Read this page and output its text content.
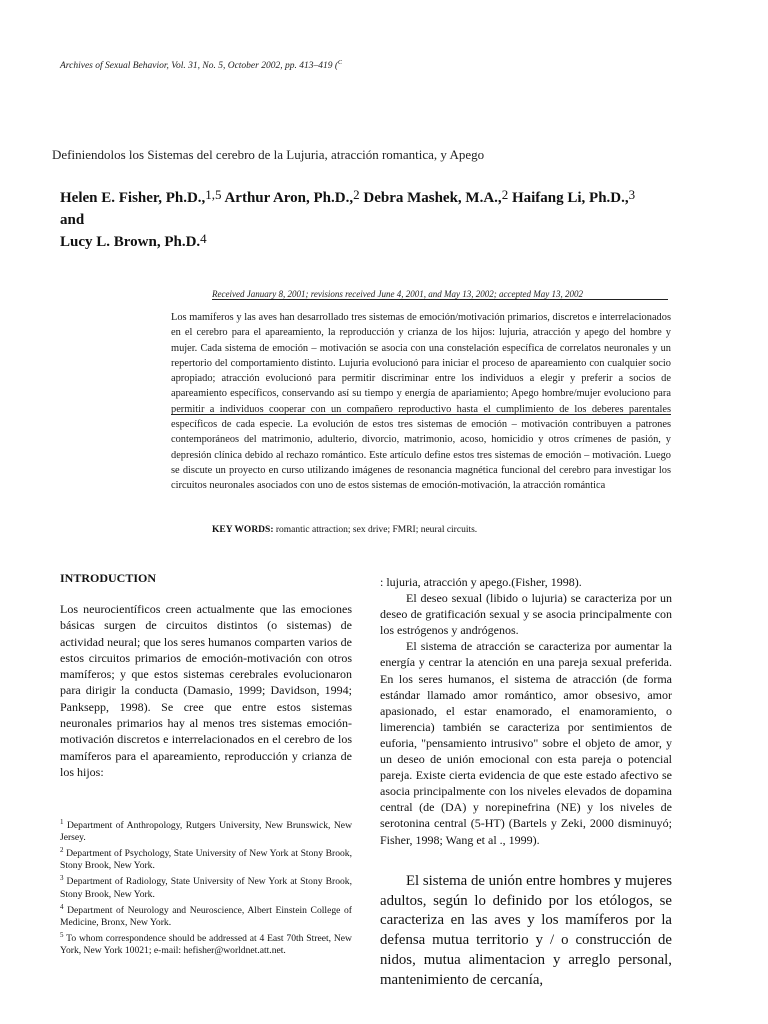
Archives of Sexual Behavior, Vol. 31, No. 5, October 2002, pp. 413–419 ($^C$
Definiendolos los Sistemas del cerebro de la Lujuria, atracción romantica, y Apego
Helen E. Fisher, Ph.D.,$^{1,5}$ Arthur Aron, Ph.D.,$^2$ Debra Mashek, M.A.,$^2$ Haifang Li, Ph.D.,$^3$
and
Lucy L. Brown, Ph.D.$^4$
Received January 8, 2001; revisions received June 4, 2001, and May 13, 2002; accepted May 13, 2002
Los mamíferos y las aves han desarrollado tres sistemas de emoción/motivación primarios, discretos e interrelacionados en el cerebro para el apareamiento, la reproducción y crianza de los hijos: lujuria, atracción y apego del hombre y mujer. Cada sistema de emoción – motivación se asocia con una constelación específica de correlatos neuronales y un repertorio del comportamiento distinto. Lujuria evolucionó para iniciar el proceso de apareamiento con cualquier socio apropiado; atracción evolucionó para permitir discriminar entre los individuos a elegir y preferir a socios de apareamiento específicos, conservando así su tiempo y energía de apariamiento; Apego hombre/mujer evoluciono para permitir a individuos cooperar con un compañero reproductivo hasta el cumplimiento de los deberes parentales específicos de cada especie. La evolución de estos tres sistemas de emoción – motivación contribuyen a patrones contemporáneos del matrimonio, adulterio, divorcio, matrimonio, acoso, homicidio y otros crímenes de pasión, y depresión clínica debido al rechazo romántico. Este artículo define estos tres sistemas de emoción – motivación. Luego se discute un proyecto en curso utilizando imágenes de resonancia magnética funcional del cerebro para investigar los circuitos neuronales asociados con uno de estos sistemas de emoción-motivación, la atracción romántica
KEY WORDS: romantic attraction; sex drive; FMRI; neural circuits.
INTRODUCTION
Los neurocientíficos creen actualmente que las emociones básicas surgen de circuitos distintos (o sistemas) de actividad neural; que los seres humanos comparten varios de estos circuitos primarios de emoción-motivación con otros mamíferos; y que estos sistemas cerebrales evolucionaron para dirigir la conducta (Damasio, 1999; Davidson, 1994; Panksepp, 1998). Se cree que entre estos sistemas neuronales primarios hay al menos tres sistemas emoción-motivación discretos e interrelacionados en el cerebro de los mamíferos para el apareamiento, reproducción y crianza de los hijos:
$^1$ Department of Anthropology, Rutgers University, New Brunswick, New Jersey.
$^2$ Department of Psychology, State University of New York at Stony Brook, Stony Brook, New York.
$^3$ Department of Radiology, State University of New York at Stony Brook, Stony Brook, New York.
$^4$ Department of Neurology and Neuroscience, Albert Einstein College of Medicine, Bronx, New York.
$^5$ To whom correspondence should be addressed at 4 East 70th Street, New York, New York 10021; e-mail: hefisher@worldnet.att.net.

: lujuria, atracción y apego.(Fisher, 1998).

El deseo sexual (libido o lujuria) se caracteriza por un deseo de gratificación sexual y se asocia principalmente con los estrógenos y andrógenos.

El sistema de atracción se caracteriza por aumentar la energía y centrar la atención en una pareja sexual preferida. En los seres humanos, el sistema de atracción (de forma estándar llamado amor romántico, amor obsesivo, amor apasionado, el estar enamorado, el enamoramiento, o limerencia) también se caracteriza por sentimientos de euforia, "pensamiento intrusivo" sobre el objeto de amor, y un deseo de unión emocional con esta pareja o potencial pareja. Existe cierta evidencia de que este estado afectivo se asocia principalmente con los niveles elevados de dopamina central (de (DA) y norepinefrina (NE) y los niveles de serotonina central (5-HT) (Bartels y Zeki, 2000 disminuyó; Fisher, 1998; Wang et al ., 1999).

El sistema de unión entre hombres y mujeres adultos, según lo definido por los etólogos, se caracteriza en las aves y los mamíferos por la defensa mutua territorio y / o construcción de nidos, mutua alimentacion y arreglo personal, mantenimiento de cercanía,
